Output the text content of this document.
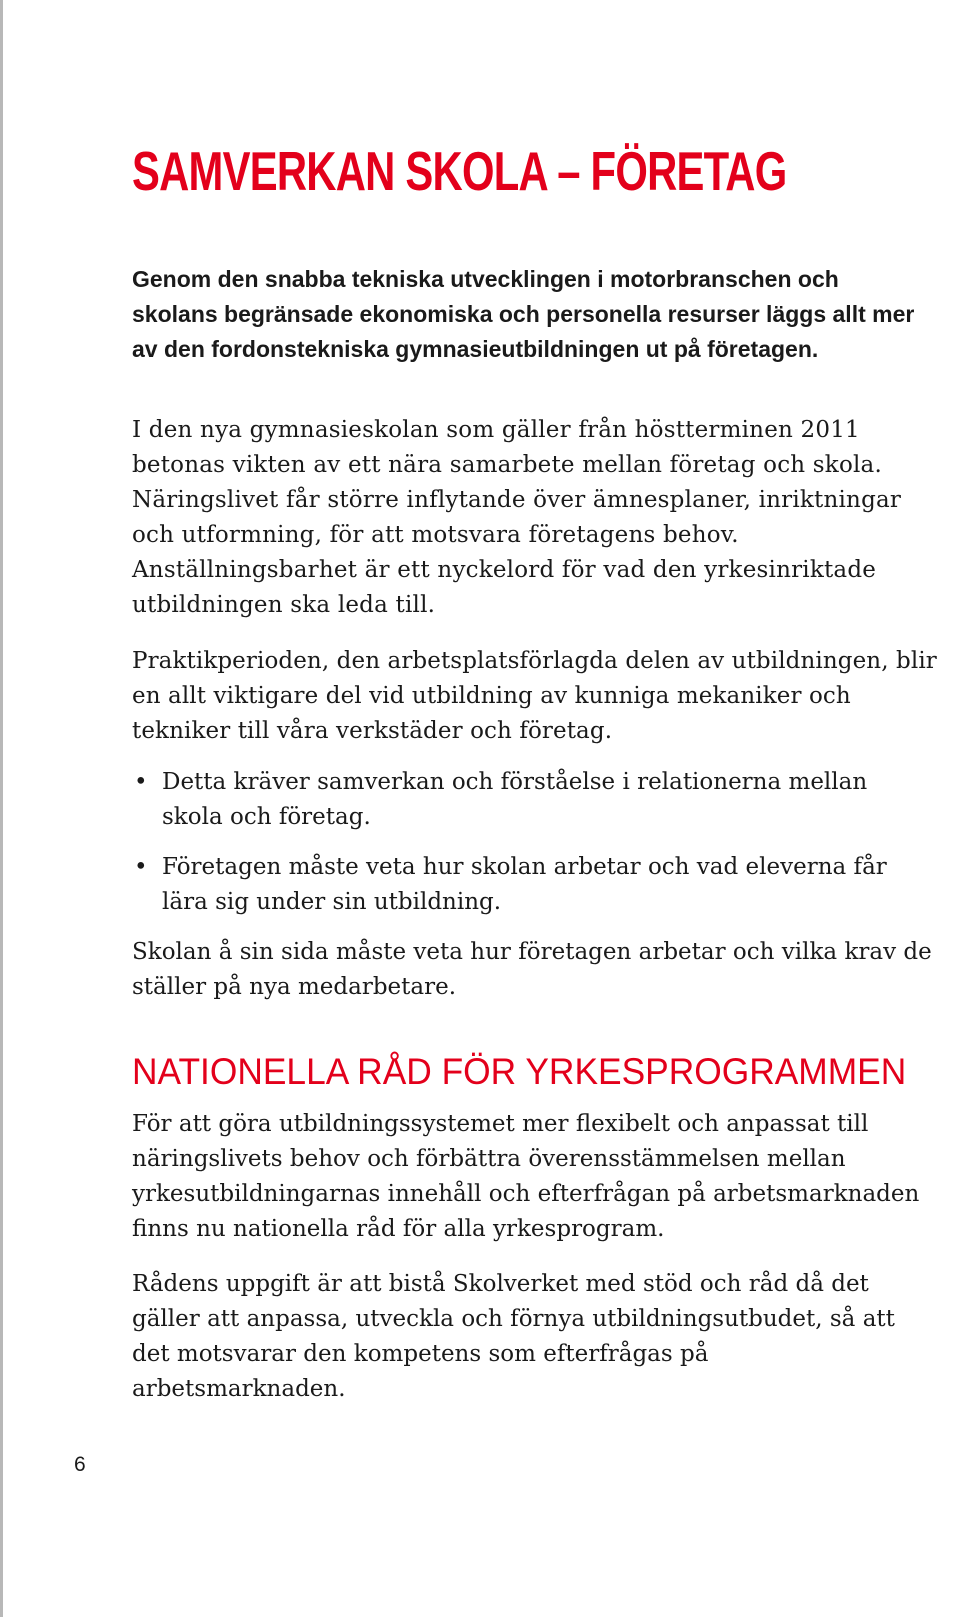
SAMVERKAN SKOLA – FÖRETAG

Genom den snabba tekniska utvecklingen i motorbranschen och skolans begränsade ekonomiska och personella resurser läggs allt mer av den fordonstekniska gymnasieutbildningen ut på företagen.

I den nya gymnasieskolan som gäller från höstterminen 2011 betonas vikten av ett nära samarbete mellan företag och skola. Näringslivet får större inflytande över ämnesplaner, inriktningar och utformning, för att motsvara företagens behov. Anställningsbarhet är ett nyckelord för vad den yrkesinriktade utbildningen ska leda till.

Praktikperioden, den arbetsplatsförlagda delen av utbildningen, blir en allt viktigare del vid utbildning av kunniga mekaniker och tekniker till våra verkstäder och företag.

• Detta kräver samverkan och förståelse i relationerna mellan skola och företag.
• Företagen måste veta hur skolan arbetar och vad eleverna får lära sig under sin utbildning.

Skolan å sin sida måste veta hur företagen arbetar och vilka krav de ställer på nya medarbetare.

NATIONELLA RÅD FÖR YRKESPROGRAMMEN

För att göra utbildningssystemet mer flexibelt och anpassat till näringslivets behov och förbättra överensstämmelsen mellan yrkesutbildningarnas innehåll och efterfrågan på arbetsmarknaden finns nu nationella råd för alla yrkesprogram.

Rådens uppgift är att bistå Skolverket med stöd och råd då det gäller att anpassa, utveckla och förnya utbildningsutbudet, så att det motsvarar den kompetens som efterfrågas på arbetsmarknaden.

6
